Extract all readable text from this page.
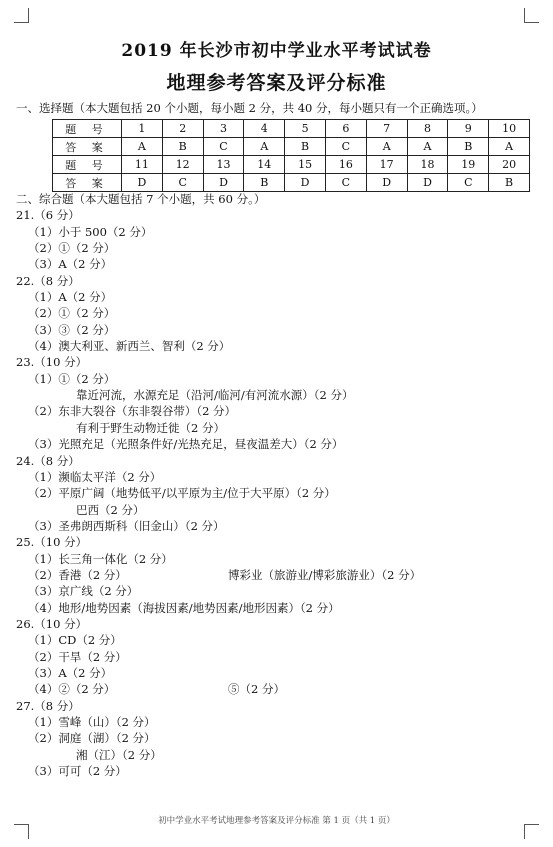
2019 年长沙市初中学业水平考试试卷
地理参考答案及评分标准
一、选择题（本大题包括 20 个小题，每小题 2 分，共 40 分，每小题只有一个正确选项。）
题 号	1	2	3	4	5	6	7	8	9	10
答 案	A	B	C	A	B	C	A	A	B	A
题 号	11	12	13	14	15	16	17	18	19	20
答 案	D	C	D	B	D	C	D	D	C	B
二、综合题（本大题包括 7 个小题，共 60 分。）
21.（6 分）
（1）小于 500（2 分）
（2）①（2 分）
（3）A（2 分）
22.（8 分）
（1）A（2 分）
（2）①（2 分）
（3）③（2 分）
（4）澳大利亚、新西兰、智利（2 分）
23.（10 分）
（1）①（2 分）
靠近河流，水源充足（沿河/临河/有河流水源）（2 分）
（2）东非大裂谷（东非裂谷带）（2 分）
有利于野生动物迁徙（2 分）
（3）光照充足（光照条件好/光热充足，昼夜温差大）（2 分）
24.（8 分）
（1）濒临太平洋（2 分）
（2）平原广阔（地势低平/以平原为主/位于大平原）（2 分）
巴西（2 分）
（3）圣弗朗西斯科（旧金山）（2 分）
25.（10 分）
（1）长三角一体化（2 分）
（2）香港（2 分）	博彩业（旅游业/博彩旅游业）（2 分）
（3）京广线（2 分）
（4）地形/地势因素（海拔因素/地势因素/地形因素）（2 分）
26.（10 分）
（1）CD（2 分）
（2）干旱（2 分）
（3）A（2 分）
（4）②（2 分）	⑤（2 分）
27.（8 分）
（1）雪峰（山）（2 分）
（2）洞庭（湖）（2 分）
湘（江）（2 分）
（3）可可（2 分）
初中学业水平考试地理参考答案及评分标准 第 1 页（共 1 页）
